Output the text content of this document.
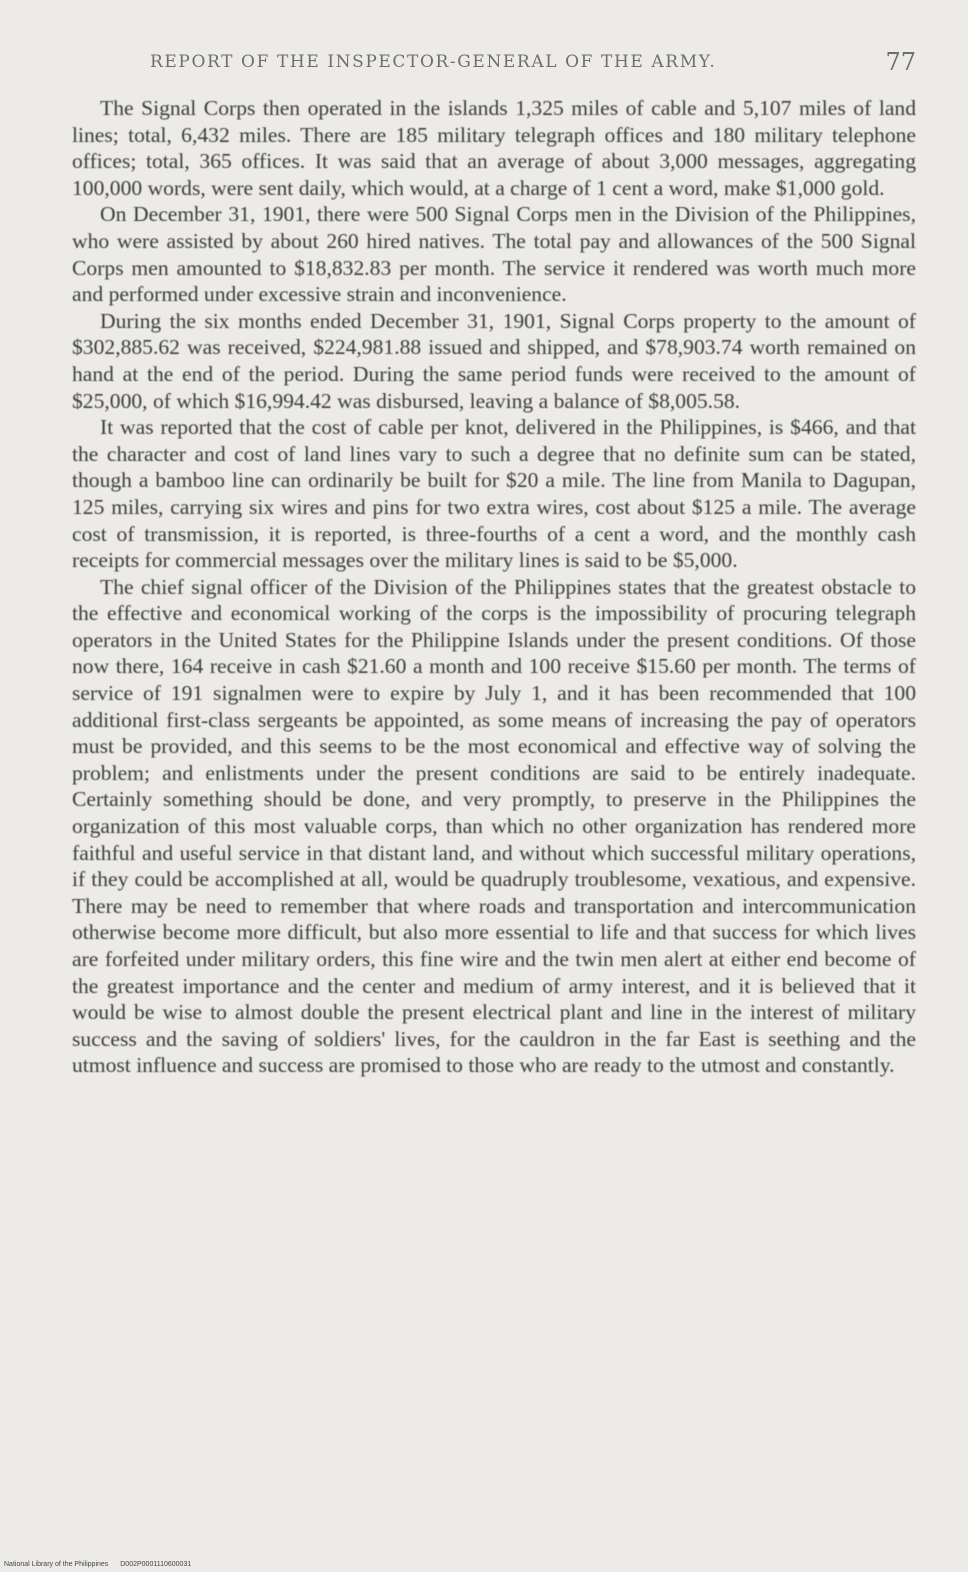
REPORT OF THE INSPECTOR-GENERAL OF THE ARMY.	77

The Signal Corps then operated in the islands 1,325 miles of cable and 5,107 miles of land lines; total, 6,432 miles. There are 185 military telegraph offices and 180 military telephone offices; total, 365 offices. It was said that an average of about 3,000 messages, aggregating 100,000 words, were sent daily, which would, at a charge of 1 cent a word, make $1,000 gold.

On December 31, 1901, there were 500 Signal Corps men in the Division of the Philippines, who were assisted by about 260 hired natives. The total pay and allowances of the 500 Signal Corps men amounted to $18,832.83 per month. The service it rendered was worth much more and performed under excessive strain and inconvenience.

During the six months ended December 31, 1901, Signal Corps property to the amount of $302,885.62 was received, $224,981.88 issued and shipped, and $78,903.74 worth remained on hand at the end of the period. During the same period funds were received to the amount of $25,000, of which $16,994.42 was disbursed, leaving a balance of $8,005.58.

It was reported that the cost of cable per knot, delivered in the Philippines, is $466, and that the character and cost of land lines vary to such a degree that no definite sum can be stated, though a bamboo line can ordinarily be built for $20 a mile. The line from Manila to Dagupan, 125 miles, carrying six wires and pins for two extra wires, cost about $125 a mile. The average cost of transmission, it is reported, is three-fourths of a cent a word, and the monthly cash receipts for commercial messages over the military lines is said to be $5,000.

The chief signal officer of the Division of the Philippines states that the greatest obstacle to the effective and economical working of the corps is the impossibility of procuring telegraph operators in the United States for the Philippine Islands under the present conditions. Of those now there, 164 receive in cash $21.60 a month and 100 receive $15.60 per month. The terms of service of 191 signalmen were to expire by July 1, and it has been recommended that 100 additional first-class sergeants be appointed, as some means of increasing the pay of operators must be provided, and this seems to be the most economical and effective way of solving the problem; and enlistments under the present conditions are said to be entirely inadequate. Certainly something should be done, and very promptly, to preserve in the Philippines the organization of this most valuable corps, than which no other organization has rendered more faithful and useful service in that distant land, and without which successful military operations, if they could be accomplished at all, would be quadruply troublesome, vexatious, and expensive. There may be need to remember that where roads and transportation and intercommunication otherwise become more difficult, but also more essential to life and that success for which lives are forfeited under military orders, this fine wire and the twin men alert at either end become of the greatest importance and the center and medium of army interest, and it is believed that it would be wise to almost double the present electrical plant and line in the interest of military success and the saving of soldiers' lives, for the cauldron in the far East is seething and the utmost influence and success are promised to those who are ready to the utmost and constantly.

National Library of the Philippines D002P0001110600031
